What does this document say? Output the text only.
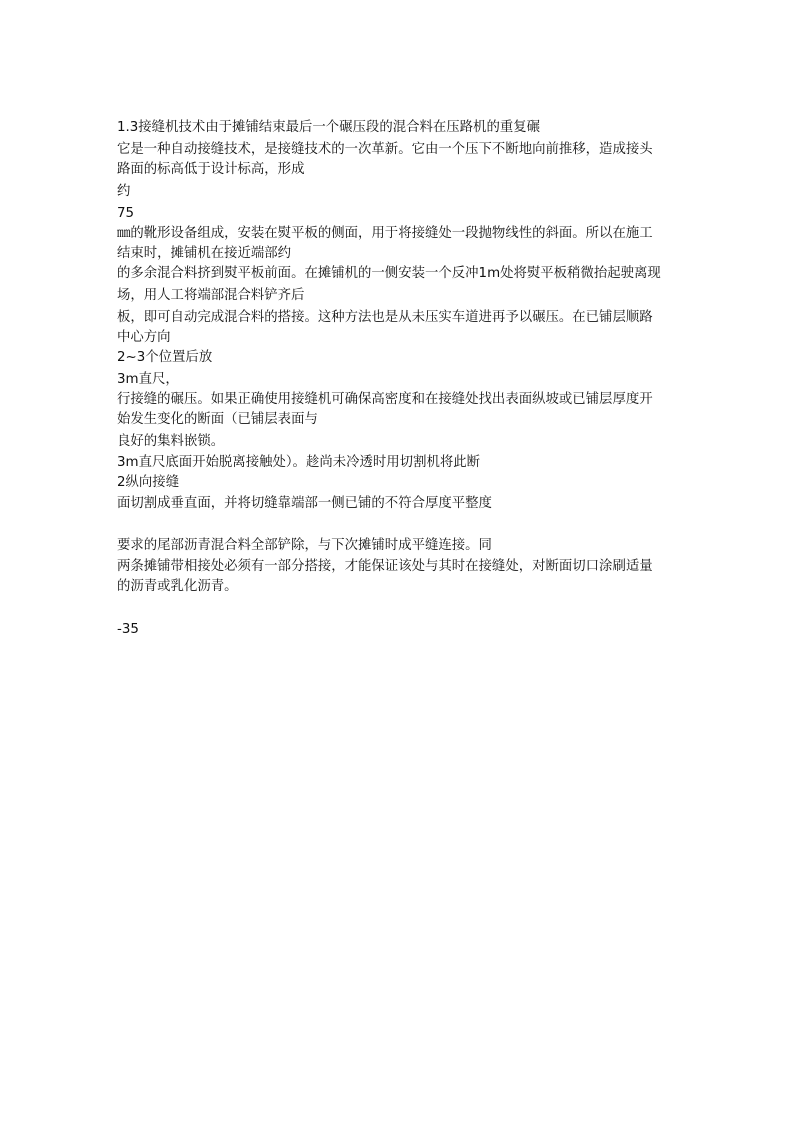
1.3接缝机技术由于摊铺结束最后一个碾压段的混合料在压路机的重复碾
它是一种自动接缝技术，是接缝技术的一次革新。它由一个压下不断地向前推移，造成接头
路面的标高低于设计标高，形成
约
75
㎜的靴形设备组成，安装在熨平板的侧面，用于将接缝处一段抛物线性的斜面。所以在施工
结束时，摊铺机在接近端部约
的多余混合料挤到熨平板前面。在摊铺机的一侧安装一个反冲1m处将熨平板稍微抬起驶离现
场，用人工将端部混合料铲齐后
板，即可自动完成混合料的搭接。这种方法也是从未压实车道进再予以碾压。在已铺层顺路
中心方向
2~3个位置后放
3m直尺，
行接缝的碾压。如果正确使用接缝机可确保高密度和在接缝处找出表面纵坡或已铺层厚度开
始发生变化的断面（已铺层表面与
良好的集料嵌锁。
3m直尺底面开始脱离接触处）。趁尚未冷透时用切割机将此断
2纵向接缝
面切割成垂直面，并将切缝靠端部一侧已铺的不符合厚度平整度
要求的尾部沥青混合料全部铲除，与下次摊铺时成平缝连接。同
两条摊铺带相接处必须有一部分搭接，才能保证该处与其时在接缝处，对断面切口涂刷适量
的沥青或乳化沥青。
-35
